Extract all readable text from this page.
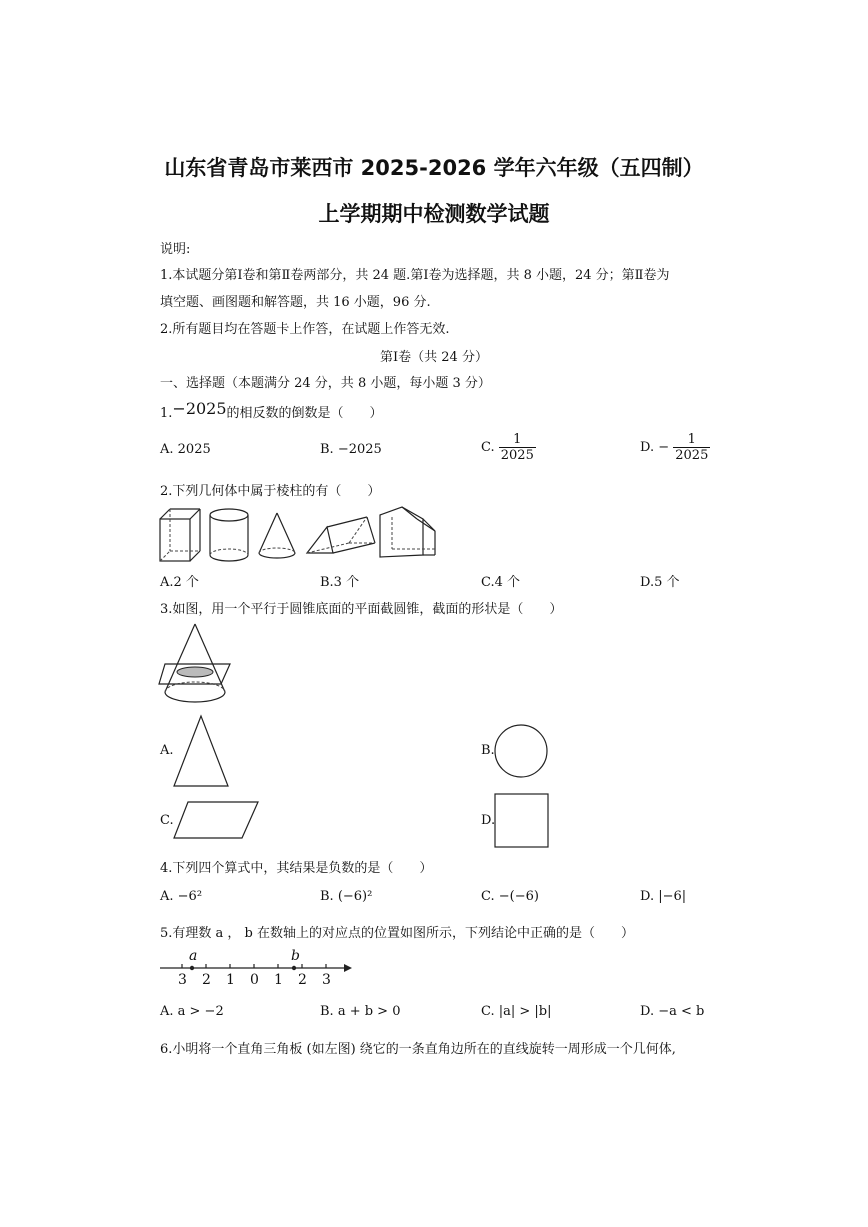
山东省青岛市莱西市 2025-2026 学年六年级（五四制）
上学期期中检测数学试题
说明:
1.本试题分第Ⅰ卷和第Ⅱ卷两部分，共 24 题.第Ⅰ卷为选择题，共 8 小题，24 分；第Ⅱ卷为
填空题、画图题和解答题，共 16 小题，96 分.
2.所有题目均在答题卡上作答，在试题上作答无效.
第Ⅰ卷（共 24 分）
一、选择题（本题满分 24 分，共 8 小题，每小题 3 分）
1.−2025的相反数的倒数是（　　）
A. 2025	B. −2025	C. $\frac{1}{2025}$	D. − $\frac{1}{2025}$
2.下列几何体中属于棱柱的有（　　）
A.2 个	B.3 个	C.4 个	D.5 个
3.如图，用一个平行于圆锥底面的平面截圆锥，截面的形状是（　　）
A.	B.
C.	D.
4.下列四个算式中，其结果是负数的是（　　）
A. −6²	B. (−6)²	C. −(−6)	D. |−6|
5.有理数 a ， b 在数轴上的对应点的位置如图所示，下列结论中正确的是（　　）
a	b
3 2 1 0 1 2 3
A. a > −2	B. a + b > 0	C. |a| > |b|	D. −a < b
6.小明将一个直角三角板 (如左图) 绕它的一条直角边所在的直线旋转一周形成一个几何体,
